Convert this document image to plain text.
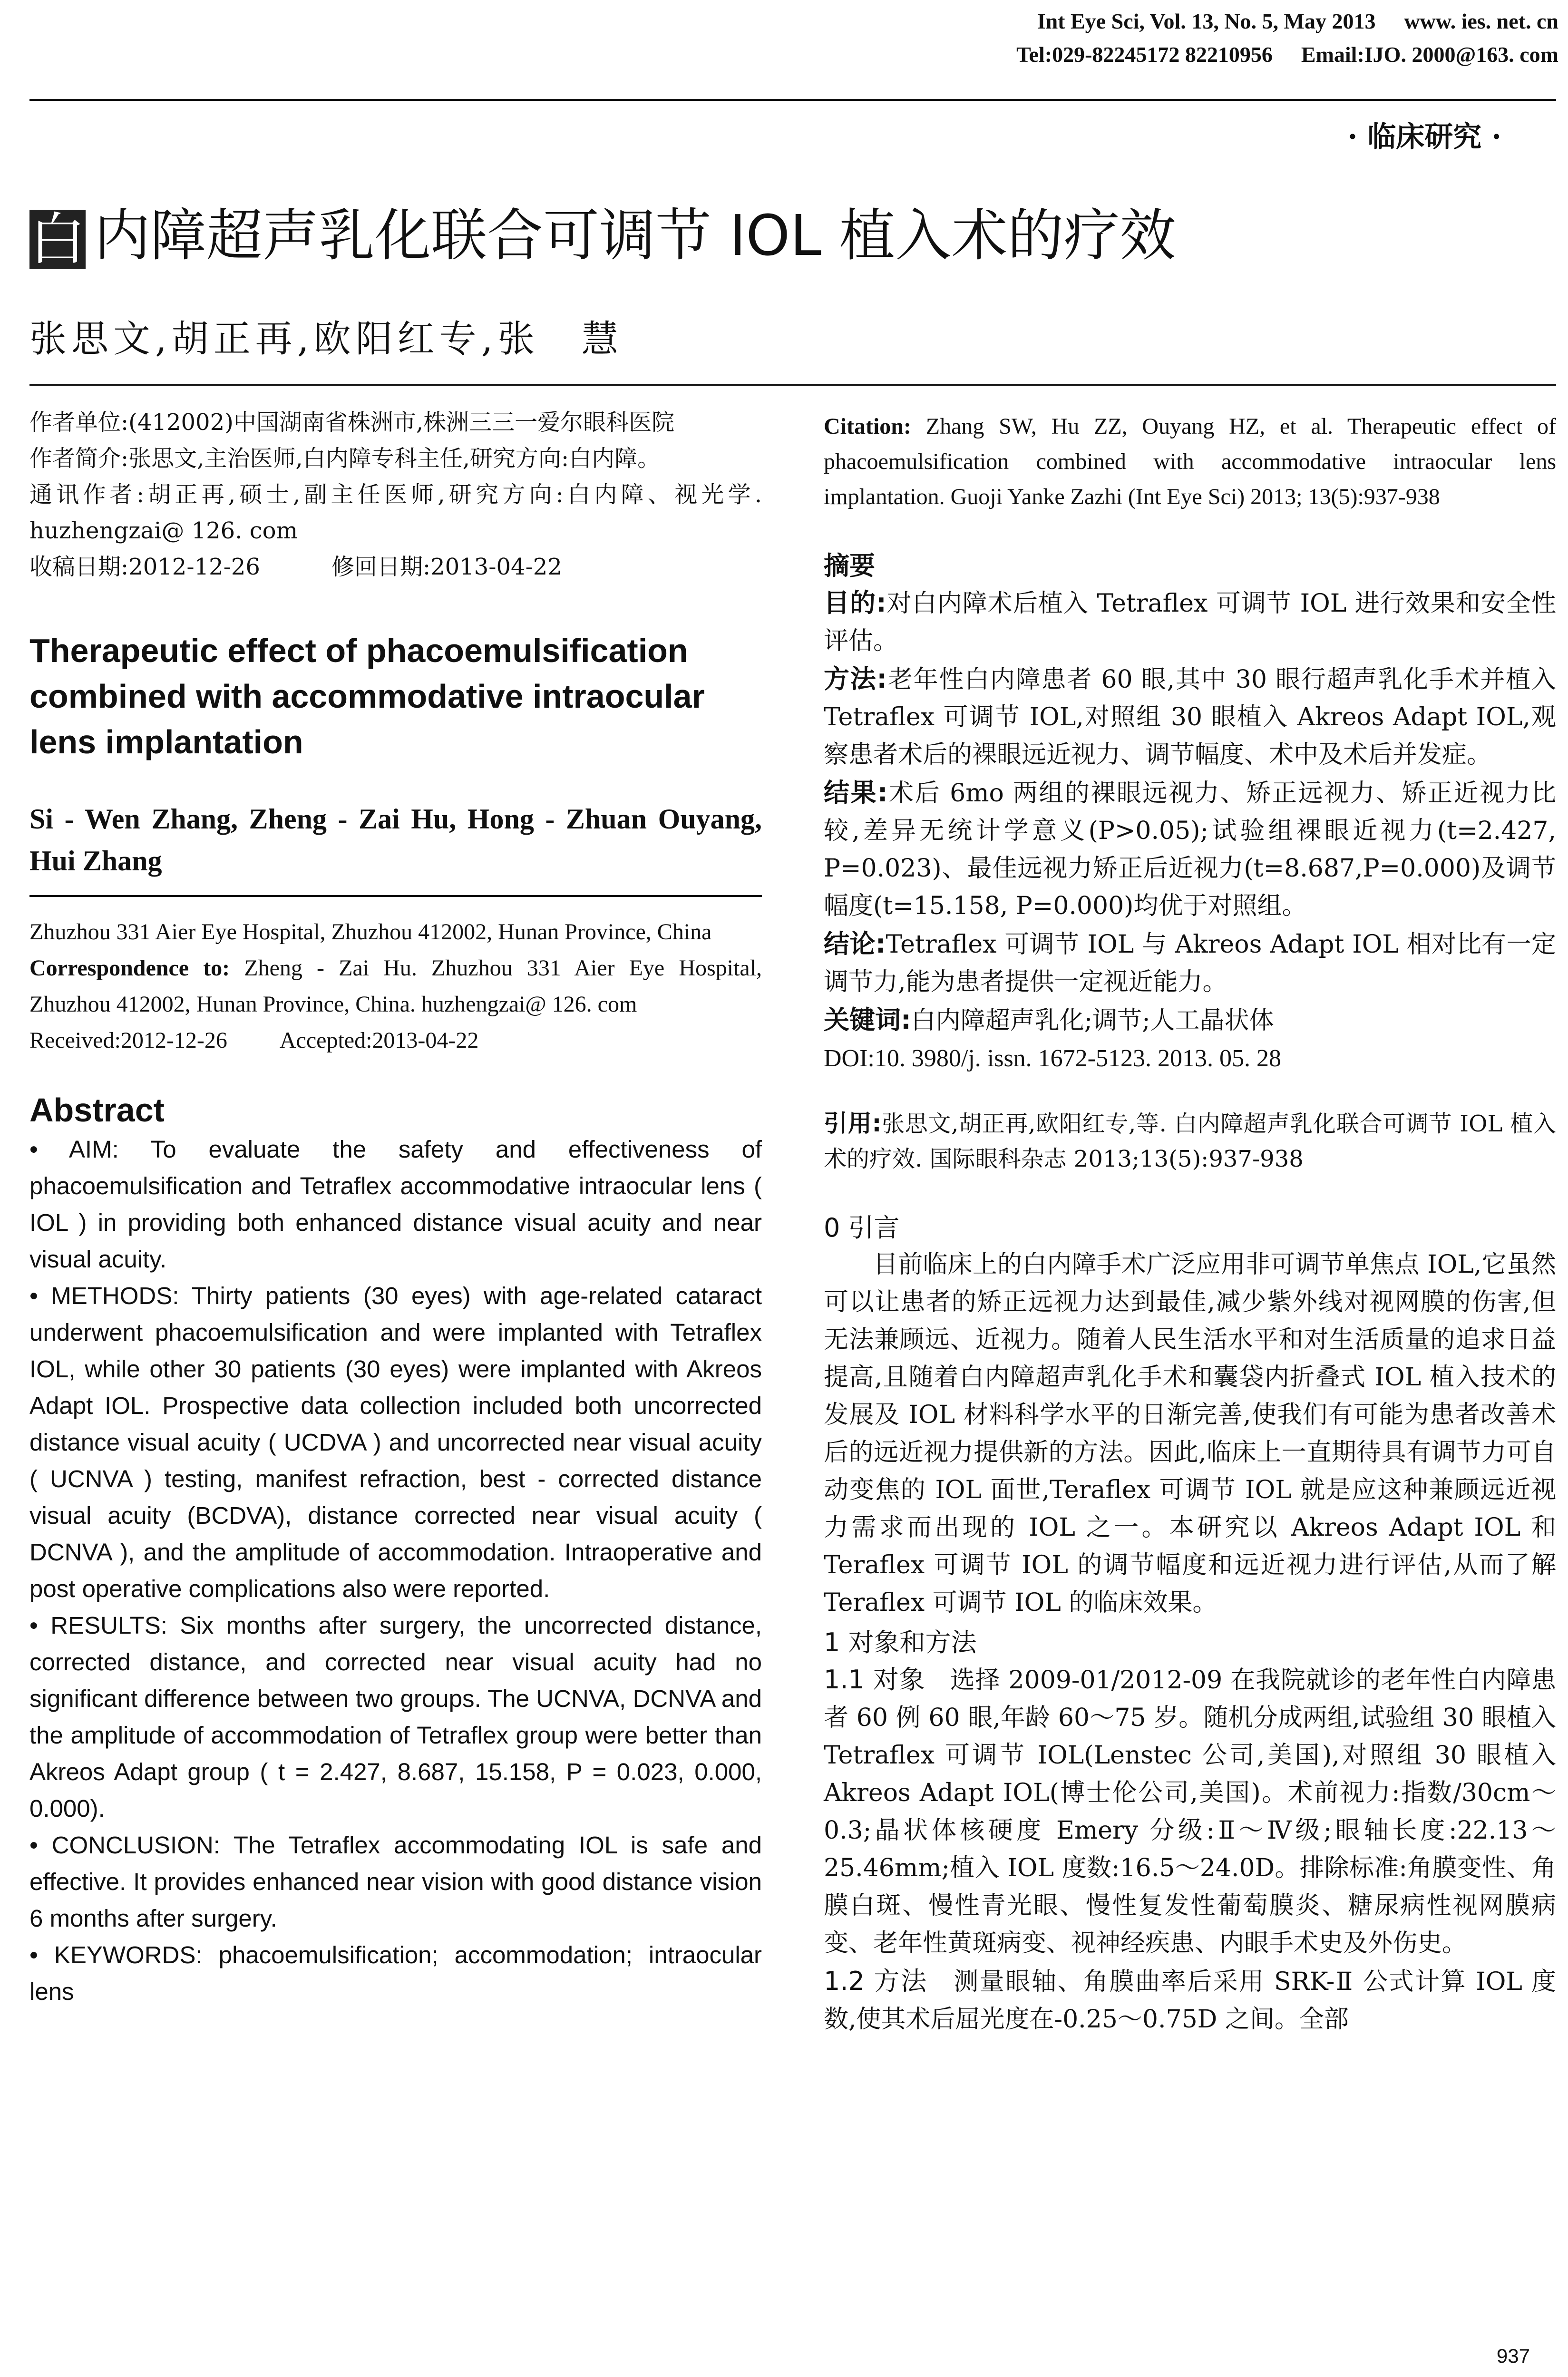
Int Eye Sci, Vol. 13, No. 5, May 2013 www. ies. net. cn
Tel:029-82245172 82210956 Email:IJO. 2000@163. com
· 临床研究 ·
白 内障超声乳化联合可调节 IOL 植入术的疗效
张思文,胡正再,欧阳红专,张　慧

作者单位:(412002)中国湖南省株洲市,株洲三三一爱尔眼科医院

作者简介:张思文,主治医师,白内障专科主任,研究方向:白内障。

通讯作者:胡正再,硕士,副主任医师,研究方向:白内障、视光学. huzhengzai@ 126. com

收稿日期:2012-12-26	修回日期:2013-04-22

Therapeutic effect of phacoemulsification combined with accommodative intraocular lens implantation
Si - Wen Zhang, Zheng - Zai Hu, Hong - Zhuan Ouyang, Hui Zhang

Zhuzhou 331 Aier Eye Hospital, Zhuzhou 412002, Hunan Province, China

Correspondence to: Zheng - Zai Hu. Zhuzhou 331 Aier Eye Hospital, Zhuzhou 412002, Hunan Province, China. huzhengzai@ 126. com

Received:2012-12-26 Accepted:2013-04-22

Abstract

• AIM: To evaluate the safety and effectiveness of phacoemulsification and Tetraflex accommodative intraocular lens ( IOL ) in providing both enhanced distance visual acuity and near visual acuity.

• METHODS: Thirty patients (30 eyes) with age-related cataract underwent phacoemulsification and were implanted with Tetraflex IOL, while other 30 patients (30 eyes) were implanted with Akreos Adapt IOL. Prospective data collection included both uncorrected distance visual acuity ( UCDVA ) and uncorrected near visual acuity ( UCNVA ) testing, manifest refraction, best - corrected distance visual acuity (BCDVA), distance corrected near visual acuity ( DCNVA ), and the amplitude of accommodation. Intraoperative and post operative complications also were reported.

• RESULTS: Six months after surgery, the uncorrected distance, corrected distance, and corrected near visual acuity had no significant difference between two groups. The UCNVA, DCNVA and the amplitude of accommodation of Tetraflex group were better than Akreos Adapt group ( t = 2.427, 8.687, 15.158, P = 0.023, 0.000, 0.000).

• CONCLUSION: The Tetraflex accommodating IOL is safe and effective. It provides enhanced near vision with good distance vision 6 months after surgery.

• KEYWORDS: phacoemulsification; accommodation; intraocular lens

Citation: Zhang SW, Hu ZZ, Ouyang HZ, et al. Therapeutic effect of phacoemulsification combined with accommodative intraocular lens implantation. Guoji Yanke Zazhi (Int Eye Sci) 2013; 13(5):937-938
摘要

目的:对白内障术后植入 Tetraflex 可调节 IOL 进行效果和安全性评估。

方法:老年性白内障患者 60 眼,其中 30 眼行超声乳化手术并植入 Tetraflex 可调节 IOL,对照组 30 眼植入 Akreos Adapt IOL,观察患者术后的裸眼远近视力、调节幅度、术中及术后并发症。

结果:术后 6mo 两组的裸眼远视力、矫正远视力、矫正近视力比较,差异无统计学意义(P>0.05);试验组裸眼近视力(t=2.427, P=0.023)、最佳远视力矫正后近视力(t=8.687,P=0.000)及调节幅度(t=15.158, P=0.000)均优于对照组。

结论:Tetraflex 可调节 IOL 与 Akreos Adapt IOL 相对比有一定调节力,能为患者提供一定视近能力。

关键词:白内障超声乳化;调节;人工晶状体

DOI:10. 3980/j. issn. 1672-5123. 2013. 05. 28

引用:张思文,胡正再,欧阳红专,等. 白内障超声乳化联合可调节 IOL 植入术的疗效. 国际眼科杂志 2013;13(5):937-938
0 引言
目前临床上的白内障手术广泛应用非可调节单焦点 IOL,它虽然可以让患者的矫正远视力达到最佳,减少紫外线对视网膜的伤害,但无法兼顾远、近视力。随着人民生活水平和对生活质量的追求日益提高,且随着白内障超声乳化手术和囊袋内折叠式 IOL 植入技术的发展及 IOL 材料科学水平的日渐完善,使我们有可能为患者改善术后的远近视力提供新的方法。因此,临床上一直期待具有调节力可自动变焦的 IOL 面世,Teraflex 可调节 IOL 就是应这种兼顾远近视力需求而出现的 IOL 之一。本研究以 Akreos Adapt IOL 和 Teraflex 可调节 IOL 的调节幅度和远近视力进行评估,从而了解 Teraflex 可调节 IOL 的临床效果。
1 对象和方法
1.1 对象　选择 2009-01/2012-09 在我院就诊的老年性白内障患者 60 例 60 眼,年龄 60～75 岁。随机分成两组,试验组 30 眼植入 Tetraflex 可调节 IOL(Lenstec 公司,美国),对照组 30 眼植入 Akreos Adapt IOL(博士伦公司,美国)。术前视力:指数/30cm～0.3;晶状体核硬度 Emery 分级:Ⅱ～Ⅳ级;眼轴长度:22.13～25.46mm;植入 IOL 度数:16.5～24.0D。排除标准:角膜变性、角膜白斑、慢性青光眼、慢性复发性葡萄膜炎、糖尿病性视网膜病变、老年性黄斑病变、视神经疾患、内眼手术史及外伤史。
1.2 方法　测量眼轴、角膜曲率后采用 SRK-Ⅱ 公式计算 IOL 度数,使其术后屈光度在-0.25～0.75D 之间。全部
937
